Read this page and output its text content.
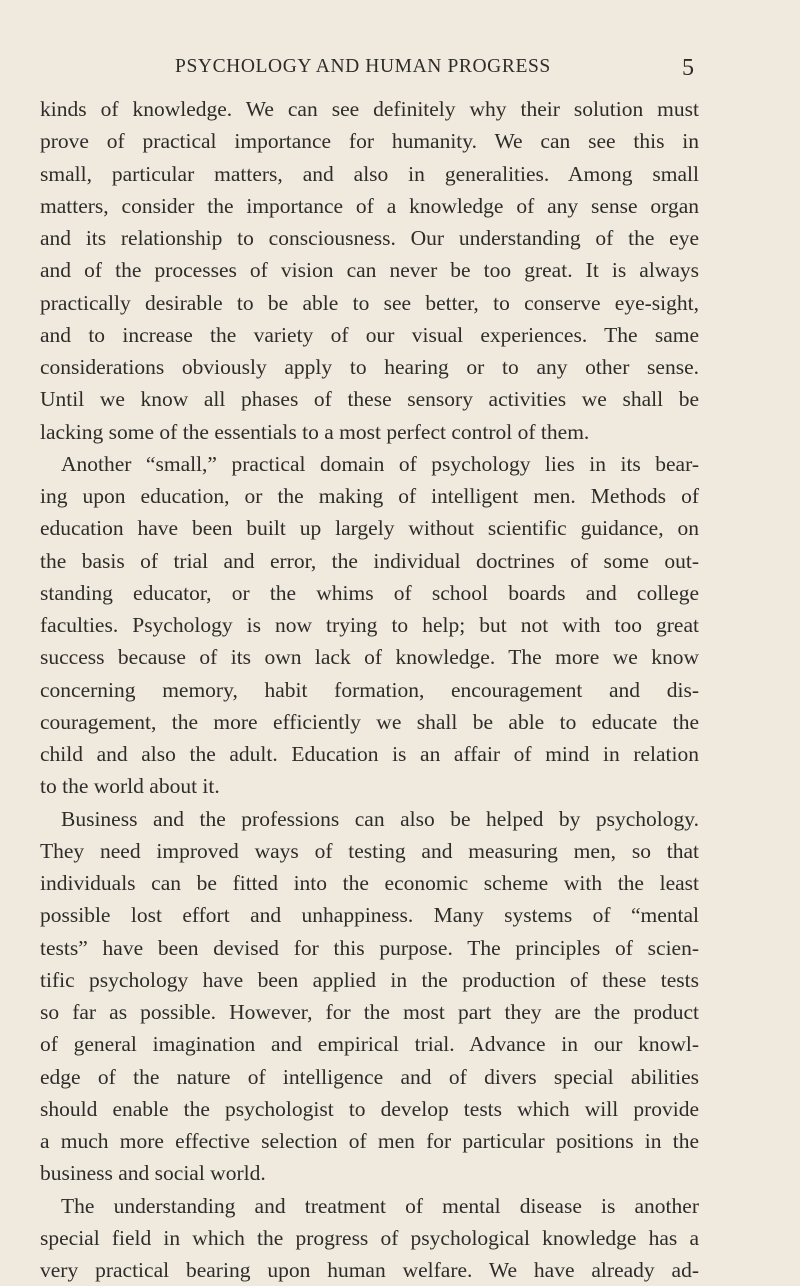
PSYCHOLOGY AND HUMAN PROGRESS	5
kinds of knowledge. We can see definitely why their solution must
prove of practical importance for humanity. We can see this in
small, particular matters, and also in generalities. Among small
matters, consider the importance of a knowledge of any sense organ
and its relationship to consciousness. Our understanding of the eye
and of the processes of vision can never be too great. It is always
practically desirable to be able to see better, to conserve eye-sight,
and to increase the variety of our visual experiences. The same
considerations obviously apply to hearing or to any other sense.
Until we know all phases of these sensory activities we shall be
lacking some of the essentials to a most perfect control of them.
Another “small,” practical domain of psychology lies in its bear-
ing upon education, or the making of intelligent men. Methods of
education have been built up largely without scientific guidance, on
the basis of trial and error, the individual doctrines of some out-
standing educator, or the whims of school boards and college
faculties. Psychology is now trying to help; but not with too great
success because of its own lack of knowledge. The more we know
concerning memory, habit formation, encouragement and dis-
couragement, the more efficiently we shall be able to educate the
child and also the adult. Education is an affair of mind in relation
to the world about it.
Business and the professions can also be helped by psychology.
They need improved ways of testing and measuring men, so that
individuals can be fitted into the economic scheme with the least
possible lost effort and unhappiness. Many systems of “mental
tests” have been devised for this purpose. The principles of scien-
tific psychology have been applied in the production of these tests
so far as possible. However, for the most part they are the product
of general imagination and empirical trial. Advance in our knowl-
edge of the nature of intelligence and of divers special abilities
should enable the psychologist to develop tests which will provide
a much more effective selection of men for particular positions in the
business and social world.
The understanding and treatment of mental disease is another
special field in which the progress of psychological knowledge has a
very practical bearing upon human welfare. We have already ad-
